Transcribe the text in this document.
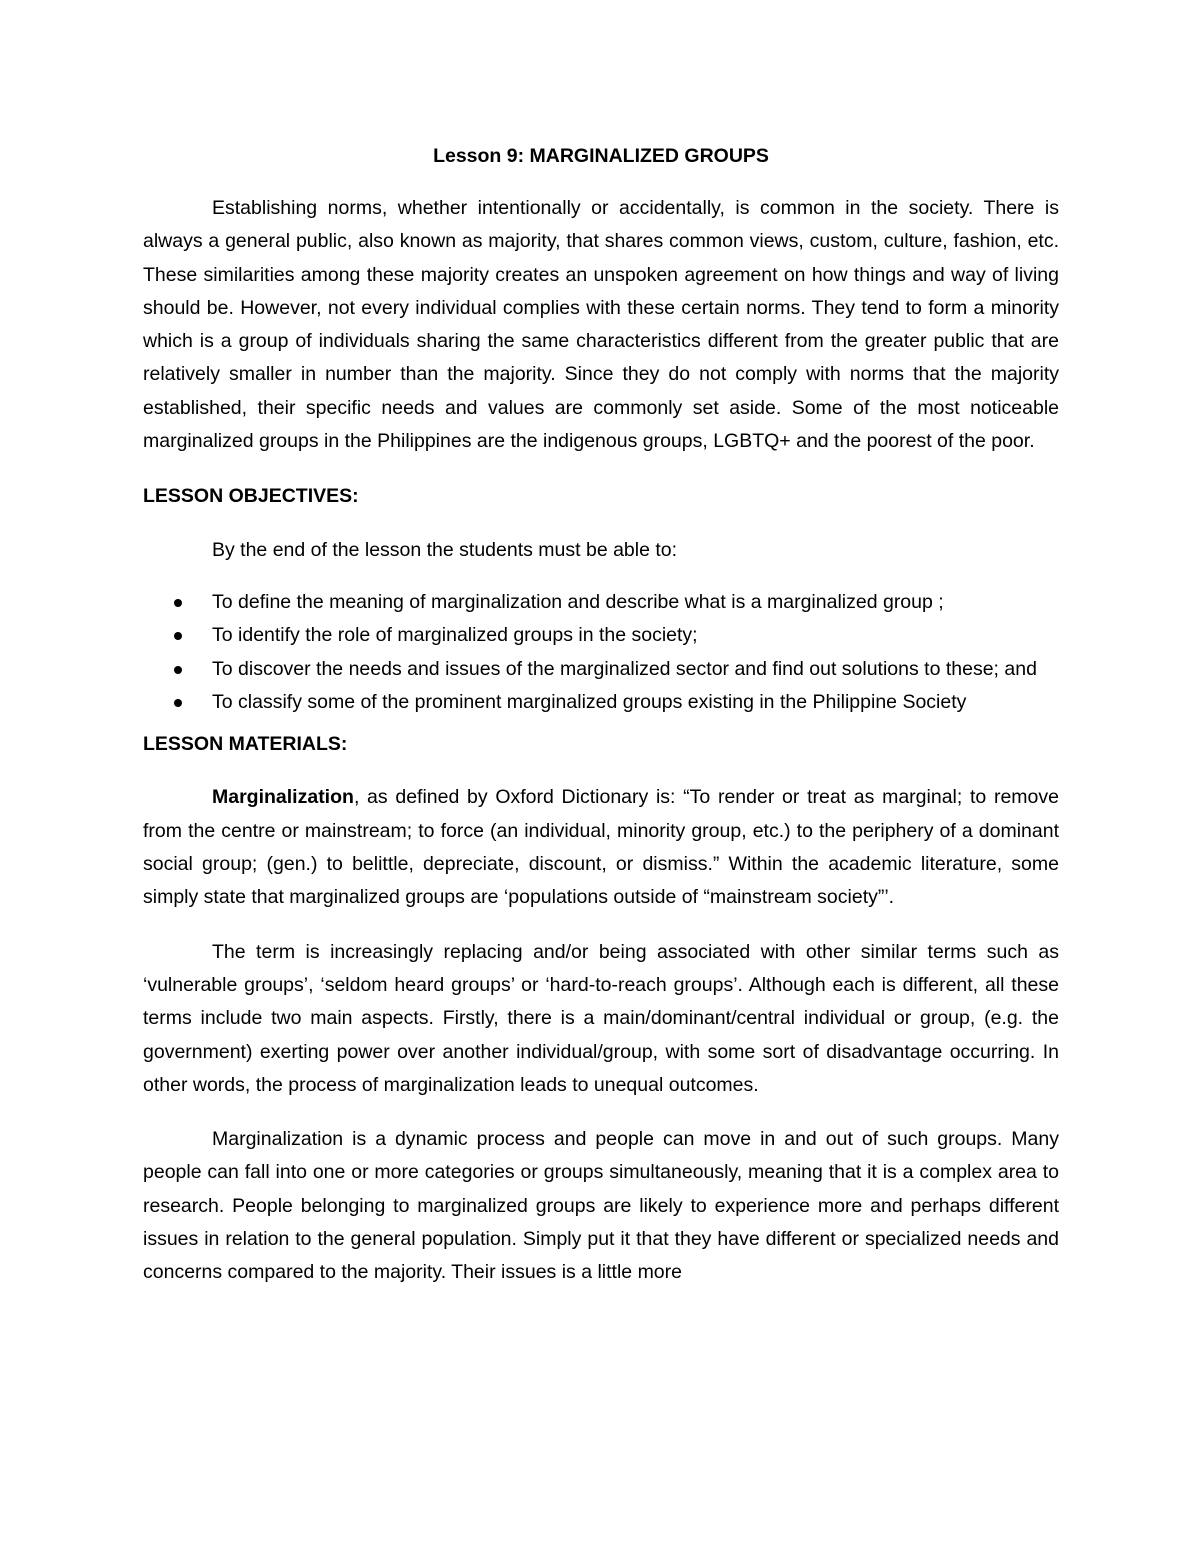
Lesson 9: MARGINALIZED GROUPS

Establishing norms, whether intentionally or accidentally, is common in the society. There is always a general public, also known as majority, that shares common views, custom, culture, fashion, etc. These similarities among these majority creates an unspoken agreement on how things and way of living should be. However, not every individual complies with these certain norms. They tend to form a minority which is a group of individuals sharing the same characteristics different from the greater public that are relatively smaller in number than the majority. Since they do not comply with norms that the majority established, their specific needs and values are commonly set aside. Some of the most noticeable marginalized groups in the Philippines are the indigenous groups, LGBTQ+ and the poorest of the poor.

LESSON OBJECTIVES:
By the end of the lesson the students must be able to:
To define the meaning of marginalization and describe what is a marginalized group ;
To identify the role of marginalized groups in the society;
To discover the needs and issues of the marginalized sector and find out solutions to these; and
To classify some of the prominent marginalized groups existing in the Philippine Society
LESSON MATERIALS:

Marginalization, as defined by Oxford Dictionary is: “To render or treat as marginal; to remove from the centre or mainstream; to force (an individual, minority group, etc.) to the periphery of a dominant social group; (gen.) to belittle, depreciate, discount, or dismiss.” Within the academic literature, some simply state that marginalized groups are ‘populations outside of “mainstream society”’.

The term is increasingly replacing and/or being associated with other similar terms such as ‘vulnerable groups’, ‘seldom heard groups’ or ‘hard-to-reach groups’. Although each is different, all these terms include two main aspects. Firstly, there is a main/dominant/central individual or group, (e.g. the government) exerting power over another individual/group, with some sort of disadvantage occurring. In other words, the process of marginalization leads to unequal outcomes.

Marginalization is a dynamic process and people can move in and out of such groups. Many people can fall into one or more categories or groups simultaneously, meaning that it is a complex area to research. People belonging to marginalized groups are likely to experience more and perhaps different issues in relation to the general population. Simply put it that they have different or specialized needs and concerns compared to the majority. Their issues is a little more
